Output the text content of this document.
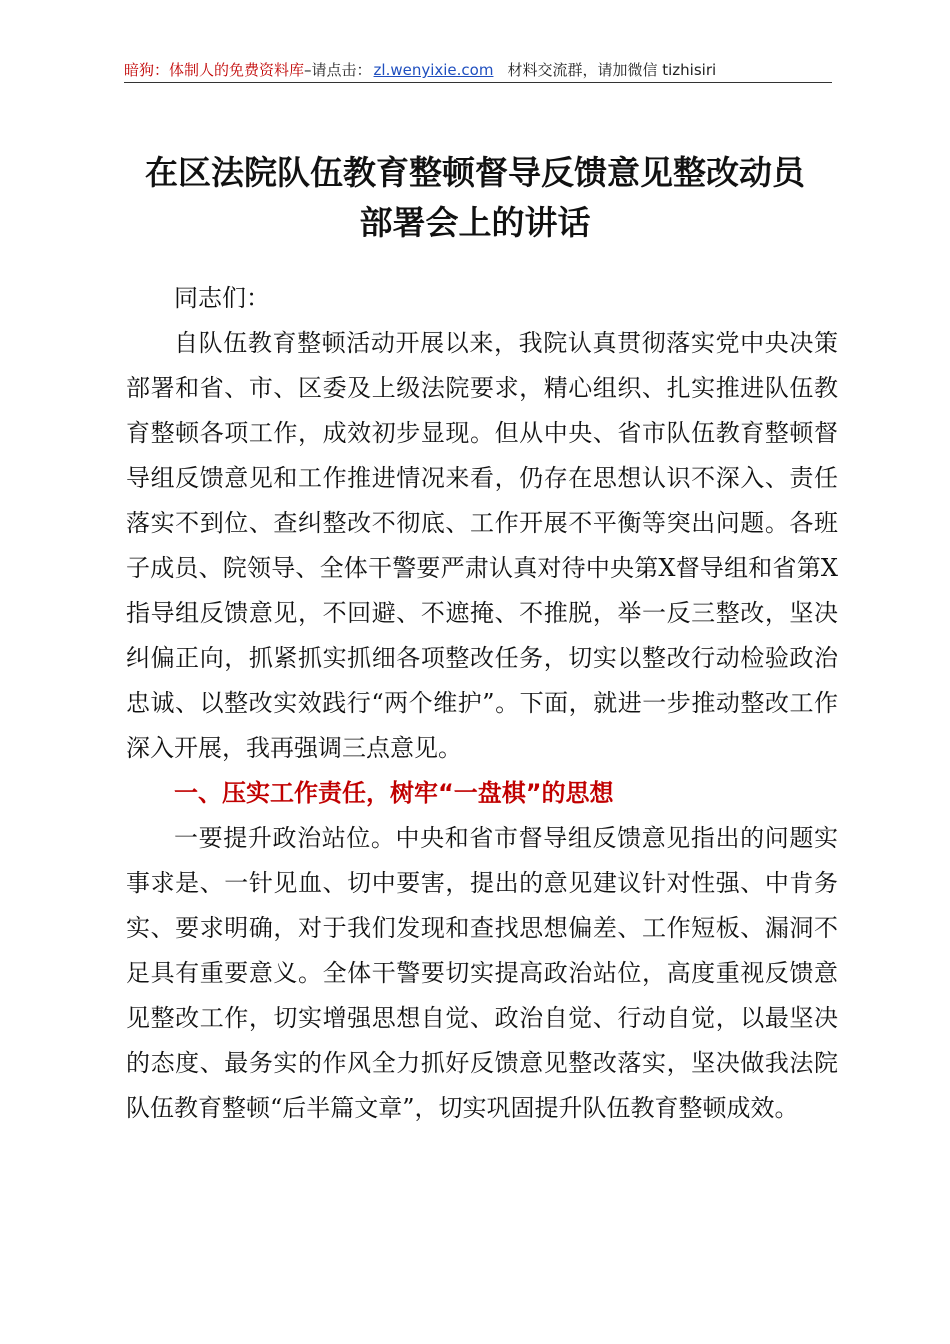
暗狗：体制人的免费资料库–请点击： zl.wenyixie.com 材料交流群，请加微信 tizhisiri
在区法院队伍教育整顿督导反馈意见整改动员
部署会上的讲话

同志们：

自队伍教育整顿活动开展以来，我院认真贯彻落实党中央决策部署和省、市、区委及上级法院要求，精心组织、扎实推进队伍教育整顿各项工作，成效初步显现。但从中央、省市队伍教育整顿督导组反馈意见和工作推进情况来看，仍存在思想认识不深入、责任落实不到位、查纠整改不彻底、工作开展不平衡等突出问题。各班子成员、院领导、全体干警要严肃认真对待中央第X督导组和省第X指导组反馈意见，不回避、不遮掩、不推脱，举一反三整改，坚决纠偏正向，抓紧抓实抓细各项整改任务，切实以整改行动检验政治忠诚、以整改实效践行“两个维护”。下面，就进一步推动整改工作深入开展，我再强调三点意见。

一、压实工作责任，树牢“一盘棋”的思想

一要提升政治站位。中央和省市督导组反馈意见指出的问题实事求是、一针见血、切中要害，提出的意见建议针对性强、中肯务实、要求明确，对于我们发现和查找思想偏差、工作短板、漏洞不足具有重要意义。全体干警要切实提高政治站位，高度重视反馈意见整改工作，切实增强思想自觉、政治自觉、行动自觉，以最坚决的态度、最务实的作风全力抓好反馈意见整改落实，坚决做我法院队伍教育整顿“后半篇文章”，切实巩固提升队伍教育整顿成效。
